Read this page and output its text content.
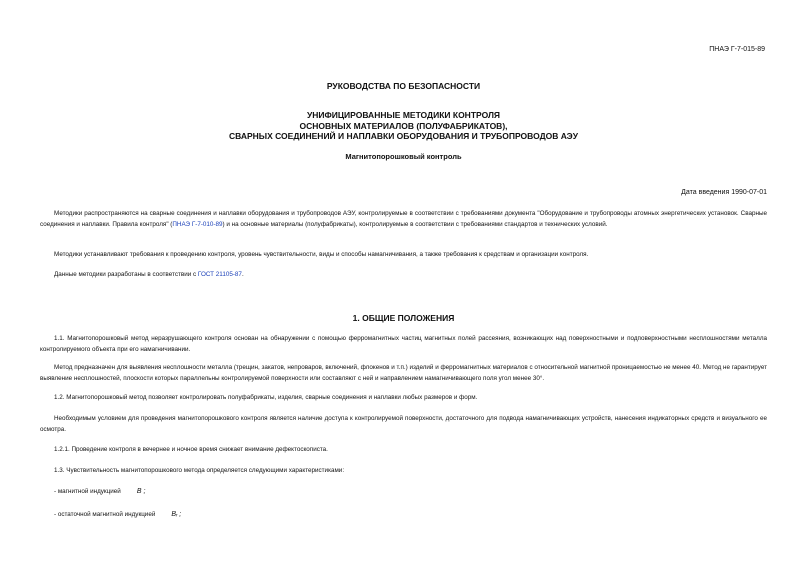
ПНАЭ Г-7-015-89
РУКОВОДСТВА ПО БЕЗОПАСНОСТИ
УНИФИЦИРОВАННЫЕ МЕТОДИКИ КОНТРОЛЯ
ОСНОВНЫХ МАТЕРИАЛОВ (ПОЛУФАБРИКАТОВ),
СВАРНЫХ СОЕДИНЕНИЙ И НАПЛАВКИ ОБОРУДОВАНИЯ И ТРУБОПРОВОДОВ АЭУ
Магнитопорошковый контроль
Дата введения 1990-07-01
Методики распространяются на сварные соединения и наплавки оборудования и трубопроводов АЭУ, контролируемые в соответствии с требованиями документа "Оборудование и трубопроводы атомных энергетических установок. Сварные соединения и наплавки. Правила контроля" (ПНАЭ Г-7-010-89) и на основные материалы (полуфабрикаты), контролируемые в соответствии с требованиями стандартов и технических условий.
Методики устанавливают требования к проведению контроля, уровень чувствительности, виды и способы намагничивания, а также требования к средствам и организации контроля.
Данные методики разработаны в соответствии с ГОСТ 21105-87.
1. ОБЩИЕ ПОЛОЖЕНИЯ
1.1. Магнитопорошковый метод неразрушающего контроля основан на обнаружении с помощью ферромагнитных частиц магнитных полей рассеяния, возникающих над поверхностными и подповерхностными несплошностями металла контролируемого объекта при его намагничивании.
Метод предназначен для выявления несплошности металла (трещин, закатов, непроваров, включений, флокенов и т.п.) изделий и ферромагнитных материалов с относительной магнитной проницаемостью не менее 40. Метод не гарантирует выявление несплошностей, плоскости которых параллельны контролируемой поверхности или составляют с ней и направлением намагничивающего поля угол менее 30°.
1.2. Магнитопорошковый метод позволяет контролировать полуфабрикаты, изделия, сварные соединения и наплавки любых размеров и форм.
Необходимым условием для проведения магнитопорошкового контроля является наличие доступа к контролируемой поверхности, достаточного для подвода намагничивающих устройств, нанесения индикаторных средств и визуального ее осмотра.
1.2.1. Проведение контроля в вечернее и ночное время снижает внимание дефектоскописта.
1.3. Чувствительность магнитопорошкового метода определяется следующими характеристиками:
- магнитной индукцией B ;
- остаточной магнитной индукцией Bᵣ ;
